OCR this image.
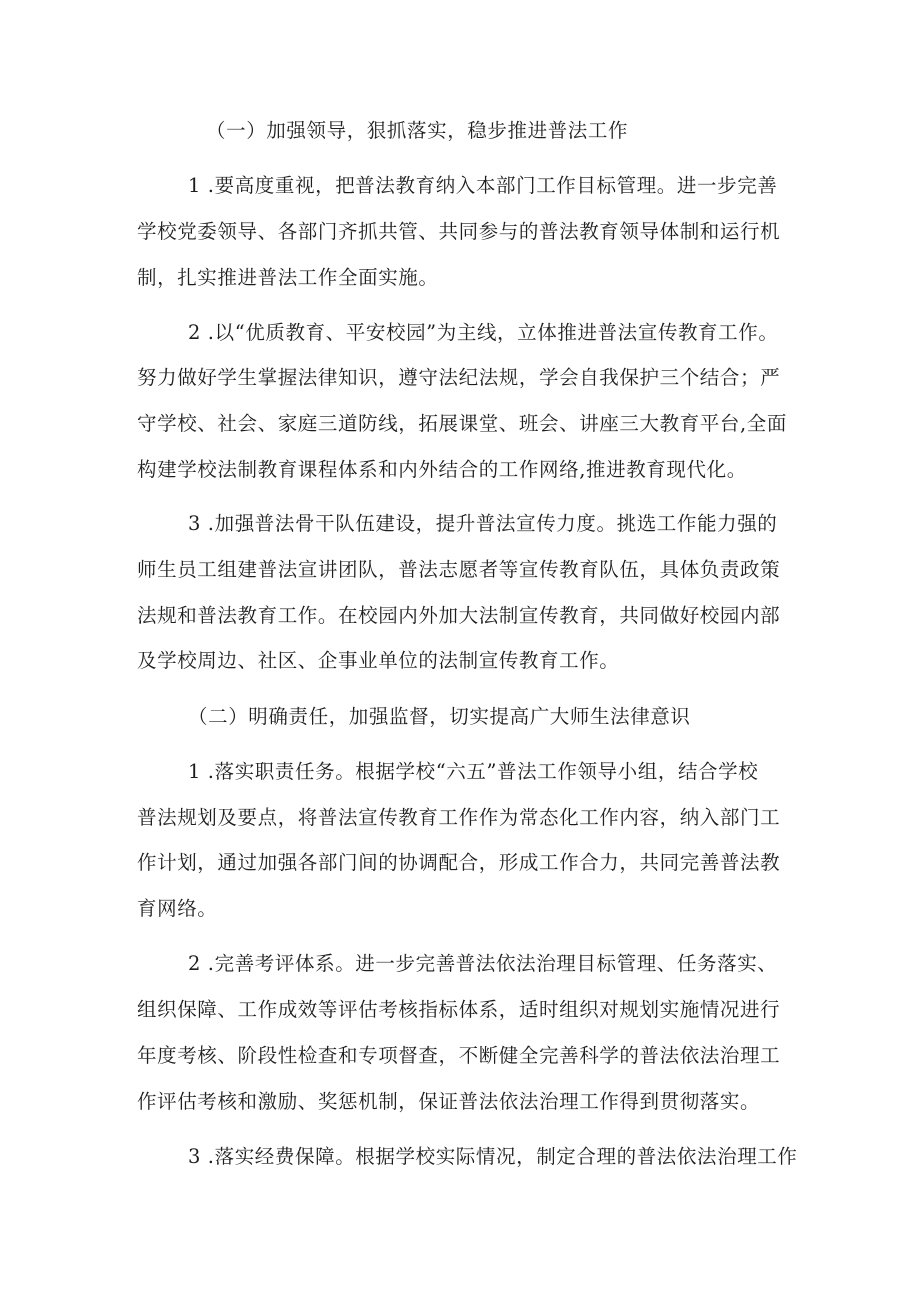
（一）加强领导，狠抓落实，稳步推进普法工作

1 .要高度重视，把普法教育纳入本部门工作目标管理。进一步完善

学校党委领导、各部门齐抓共管、共同参与的普法教育领导体制和运行机

制，扎实推进普法工作全面实施。

2 .以“优质教育、平安校园”为主线，立体推进普法宣传教育工作。

努力做好学生掌握法律知识，遵守法纪法规，学会自我保护三个结合；严

守学校、社会、家庭三道防线，拓展课堂、班会、讲座三大教育平台,全面

构建学校法制教育课程体系和内外结合的工作网络,推进教育现代化。

3 .加强普法骨干队伍建设，提升普法宣传力度。挑选工作能力强的

师生员工组建普法宣讲团队，普法志愿者等宣传教育队伍，具体负责政策

法规和普法教育工作。在校园内外加大法制宣传教育，共同做好校园内部

及学校周边、社区、企事业单位的法制宣传教育工作。

（二）明确责任，加强监督，切实提高广大师生法律意识

1 .落实职责任务。根据学校“六五”普法工作领导小组，结合学校

普法规划及要点，将普法宣传教育工作作为常态化工作内容，纳入部门工

作计划，通过加强各部门间的协调配合，形成工作合力，共同完善普法教

育网络。

2 .完善考评体系。进一步完善普法依法治理目标管理、任务落实、

组织保障、工作成效等评估考核指标体系，适时组织对规划实施情况进行

年度考核、阶段性检查和专项督查，不断健全完善科学的普法依法治理工

作评估考核和激励、奖惩机制，保证普法依法治理工作得到贯彻落实。

3 .落实经费保障。根据学校实际情况，制定合理的普法依法治理工作
